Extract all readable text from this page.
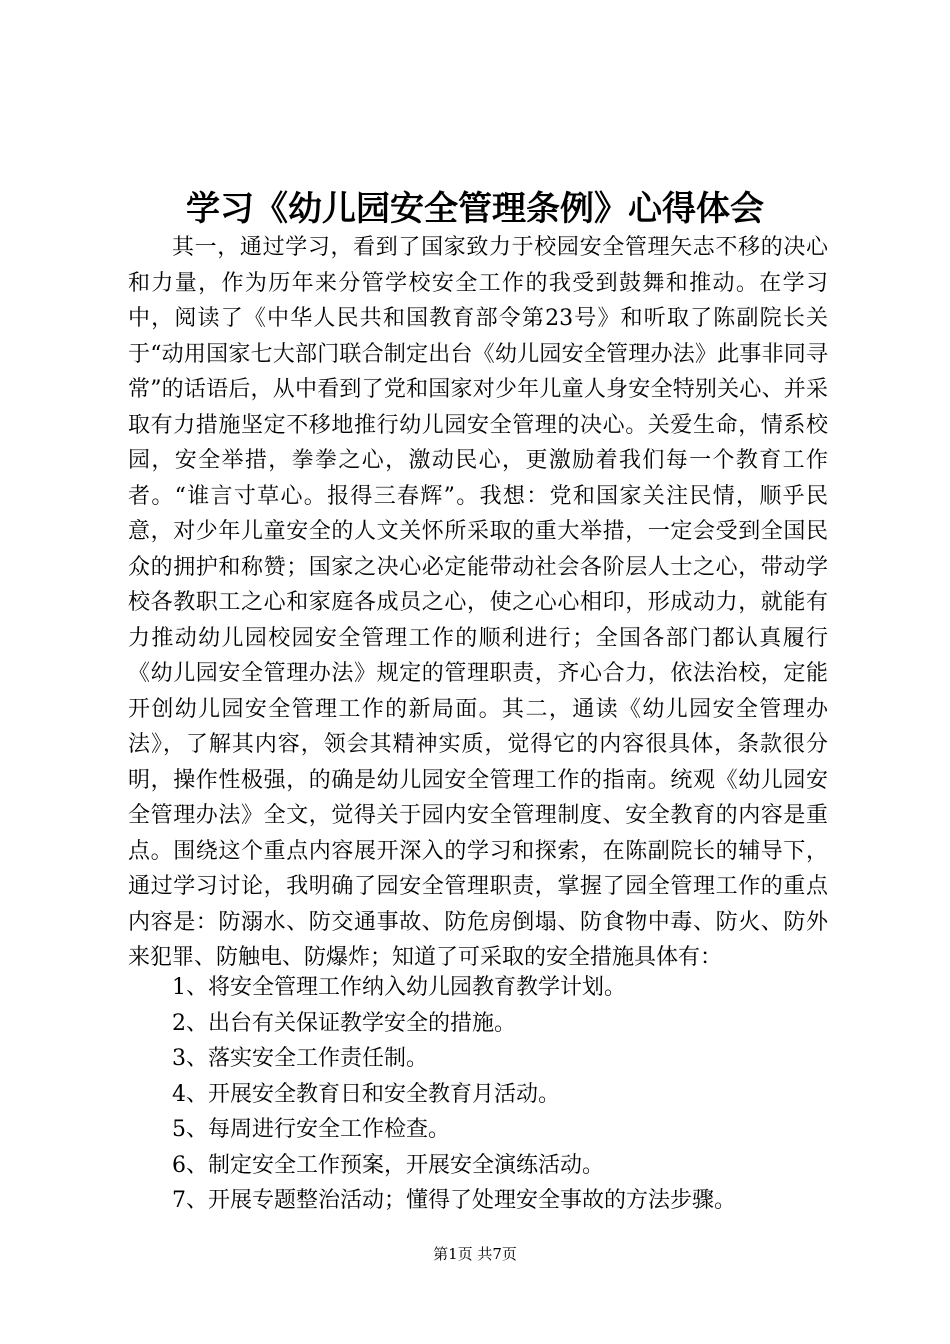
学习《幼儿园安全管理条例》心得体会

其一，通过学习，看到了国家致力于校园安全管理矢志不移的决心和力量，作为历年来分管学校安全工作的我受到鼓舞和推动。在学习中，阅读了《中华人民共和国教育部令第23号》和听取了陈副院长关于“动用国家七大部门联合制定出台《幼儿园安全管理办法》此事非同寻常”的话语后，从中看到了党和国家对少年儿童人身安全特别关心、并采取有力措施坚定不移地推行幼儿园安全管理的决心。关爱生命，情系校园，安全举措，拳拳之心，激动民心，更激励着我们每一个教育工作者。“谁言寸草心。报得三春辉”。我想：党和国家关注民情，顺乎民意，对少年儿童安全的人文关怀所采取的重大举措，一定会受到全国民众的拥护和称赞；国家之决心必定能带动社会各阶层人士之心，带动学校各教职工之心和家庭各成员之心，使之心心相印，形成动力，就能有力推动幼儿园校园安全管理工作的顺利进行；全国各部门都认真履行《幼儿园安全管理办法》规定的管理职责，齐心合力，依法治校，定能开创幼儿园安全管理工作的新局面。其二，通读《幼儿园安全管理办法》，了解其内容，领会其精神实质，觉得它的内容很具体，条款很分明，操作性极强，的确是幼儿园安全管理工作的指南。统观《幼儿园安全管理办法》全文，觉得关于园内安全管理制度、安全教育的内容是重点。围绕这个重点内容展开深入的学习和探索，在陈副院长的辅导下，通过学习讨论，我明确了园安全管理职责，掌握了园全管理工作的重点内容是：防溺水、防交通事故、防危房倒塌、防食物中毒、防火、防外来犯罪、防触电、防爆炸；知道了可采取的安全措施具体有：

1、将安全管理工作纳入幼儿园教育教学计划。
2、出台有关保证教学安全的措施。
3、落实安全工作责任制。
4、开展安全教育日和安全教育月活动。
5、每周进行安全工作检查。
6、制定安全工作预案，开展安全演练活动。
7、开展专题整治活动；懂得了处理安全事故的方法步骤。
第1页 共7页
